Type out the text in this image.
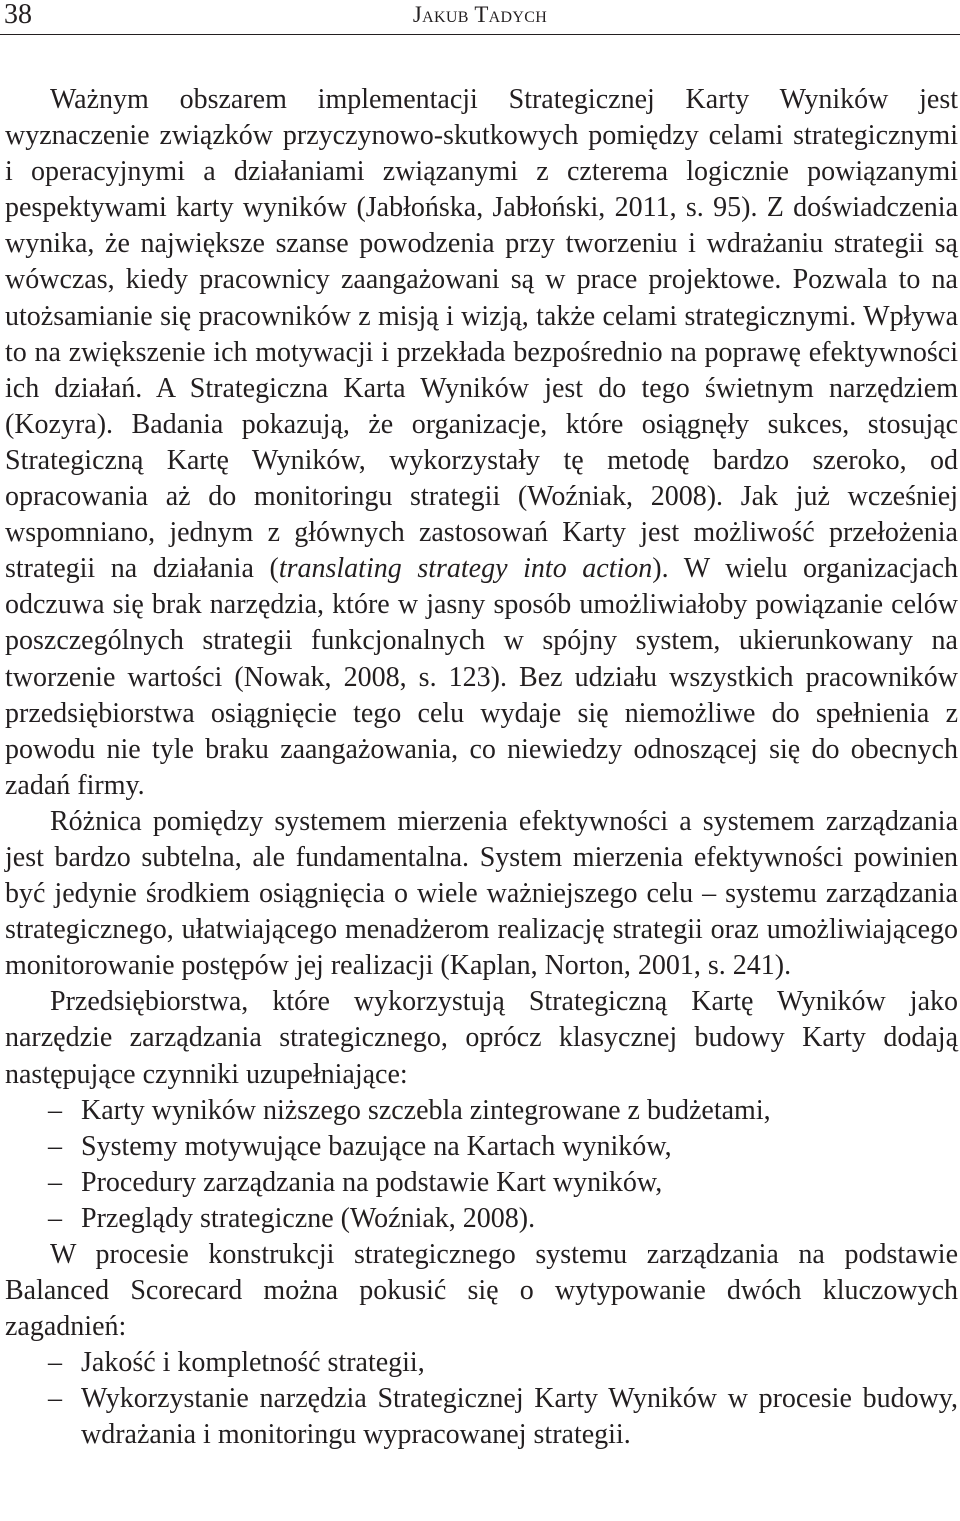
38	Jakub Tadych

Ważnym obszarem implementacji Strategicznej Karty Wyników jest wyznaczenie związków przyczynowo-skutkowych pomiędzy celami strategicznymi i operacyjnymi a działaniami związanymi z czterema logicznie powiązanymi pespektywami karty wyników (Jabłońska, Jabłoński, 2011, s. 95). Z doświadczenia wynika, że największe szanse powodzenia przy tworzeniu i wdrażaniu strategii są wówczas, kiedy pracownicy zaangażowani są w prace projektowe. Pozwala to na utożsamianie się pracowników z misją i wizją, także celami strategicznymi. Wpływa to na zwiększenie ich motywacji i przekłada bezpośrednio na poprawę efektywności ich działań. A Strategiczna Karta Wyników jest do tego świetnym narzędziem (Kozyra). Badania pokazują, że organizacje, które osiągnęły sukces, stosując Strategiczną Kartę Wyników, wykorzystały tę metodę bardzo szeroko, od opracowania aż do monitoringu strategii (Woźniak, 2008). Jak już wcześniej wspomniano, jednym z głównych zastosowań Karty jest możliwość przełożenia strategii na działania (translating strategy into action). W wielu organizacjach odczuwa się brak narzędzia, które w jasny sposób umożliwiałoby powiązanie celów poszczególnych strategii funkcjonalnych w spójny system, ukierunkowany na tworzenie wartości (Nowak, 2008, s. 123). Bez udziału wszystkich pracowników przedsiębiorstwa osiągnięcie tego celu wydaje się niemożliwe do spełnienia z powodu nie tyle braku zaangażowania, co niewiedzy odnoszącej się do obecnych zadań firmy.

Różnica pomiędzy systemem mierzenia efektywności a systemem zarządzania jest bardzo subtelna, ale fundamentalna. System mierzenia efektywności powinien być jedynie środkiem osiągnięcia o wiele ważniejszego celu – systemu zarządzania strategicznego, ułatwiającego menadżerom realizację strategii oraz umożliwiającego monitorowanie postępów jej realizacji (Kaplan, Norton, 2001, s. 241).

Przedsiębiorstwa, które wykorzystują Strategiczną Kartę Wyników jako narzędzie zarządzania strategicznego, oprócz klasycznej budowy Karty dodają następujące czynniki uzupełniające:

– Karty wyników niższego szczebla zintegrowane z budżetami,
– Systemy motywujące bazujące na Kartach wyników,
– Procedury zarządzania na podstawie Kart wyników,
– Przeglądy strategiczne (Woźniak, 2008).

W procesie konstrukcji strategicznego systemu zarządzania na podstawie Balanced Scorecard można pokusić się o wytypowanie dwóch kluczowych zagadnień:

– Jakość i kompletność strategii,
– Wykorzystanie narzędzia Strategicznej Karty Wyników w procesie budowy, wdrażania i monitoringu wypracowanej strategii.
